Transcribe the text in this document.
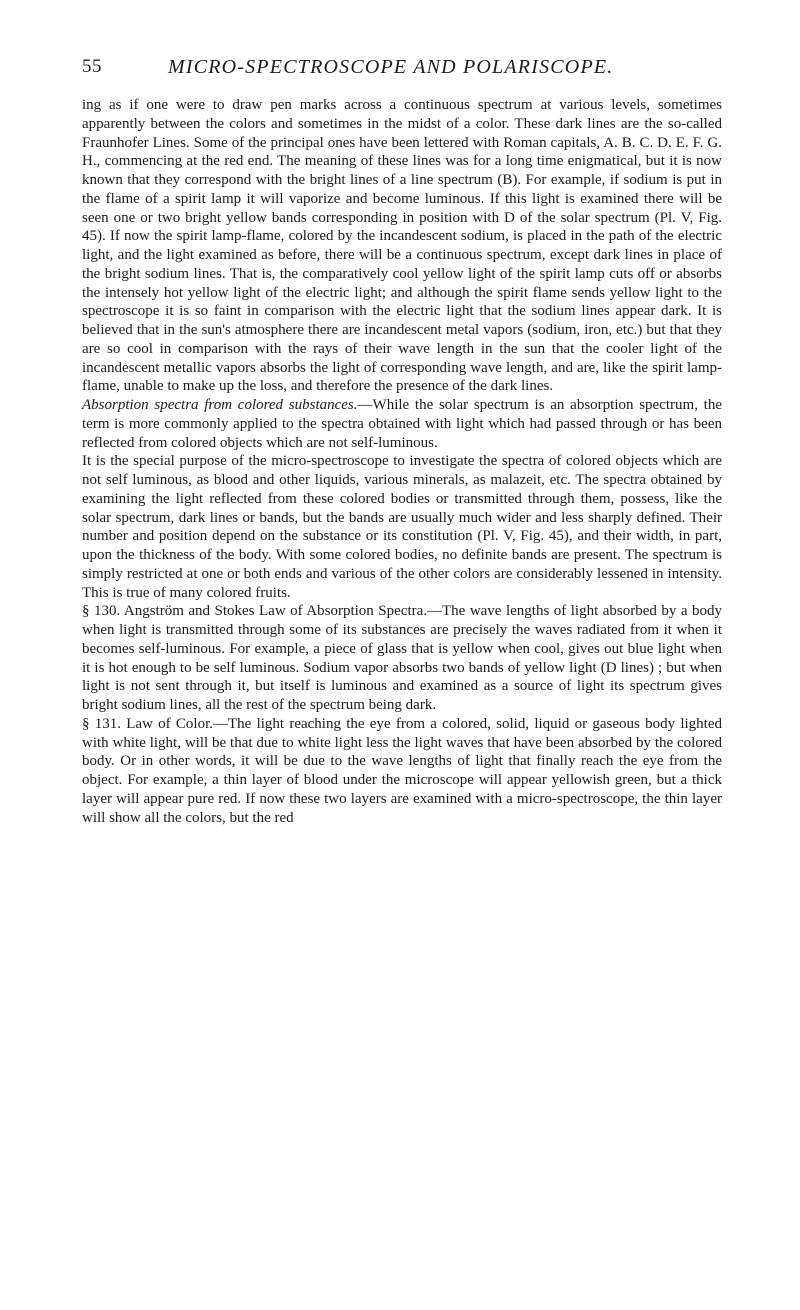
55	MICRO-SPECTROSCOPE AND POLARISCOPE.

ing as if one were to draw pen marks across a continuous spectrum at various levels, sometimes apparently between the colors and sometimes in the midst of a color. These dark lines are the so-called Fraunhofer Lines. Some of the principal ones have been lettered with Roman capitals, A. B. C. D. E. F. G. H., commencing at the red end. The meaning of these lines was for a long time enigmatical, but it is now known that they correspond with the bright lines of a line spectrum (B). For example, if sodium is put in the flame of a spirit lamp it will vaporize and become luminous. If this light is examined there will be seen one or two bright yellow bands corresponding in position with D of the solar spectrum (Pl. V, Fig. 45). If now the spirit lamp-flame, colored by the incandescent sodium, is placed in the path of the electric light, and the light examined as before, there will be a continuous spectrum, except dark lines in place of the bright sodium lines. That is, the comparatively cool yellow light of the spirit lamp cuts off or absorbs the intensely hot yellow light of the electric light; and although the spirit flame sends yellow light to the spectroscope it is so faint in comparison with the electric light that the sodium lines appear dark. It is believed that in the sun's atmosphere there are incandescent metal vapors (sodium, iron, etc.) but that they are so cool in comparison with the rays of their wave length in the sun that the cooler light of the incandescent metallic vapors absorbs the light of corresponding wave length, and are, like the spirit lamp-flame, unable to make up the loss, and therefore the presence of the dark lines.

Absorption spectra from colored substances.—While the solar spectrum is an absorption spectrum, the term is more commonly applied to the spectra obtained with light which had passed through or has been reflected from colored objects which are not self-luminous.

It is the special purpose of the micro-spectroscope to investigate the spectra of colored objects which are not self luminous, as blood and other liquids, various minerals, as malazeit, etc. The spectra obtained by examining the light reflected from these colored bodies or transmitted through them, possess, like the solar spectrum, dark lines or bands, but the bands are usually much wider and less sharply defined. Their number and position depend on the substance or its constitution (Pl. V, Fig. 45), and their width, in part, upon the thickness of the body. With some colored bodies, no definite bands are present. The spectrum is simply restricted at one or both ends and various of the other colors are considerably lessened in intensity. This is true of many colored fruits.

§ 130. Angström and Stokes Law of Absorption Spectra.—The wave lengths of light absorbed by a body when light is transmitted through some of its substances are precisely the waves radiated from it when it becomes self-luminous. For example, a piece of glass that is yellow when cool, gives out blue light when it is hot enough to be self luminous. Sodium vapor absorbs two bands of yellow light (D lines) ; but when light is not sent through it, but itself is luminous and examined as a source of light its spectrum gives bright sodium lines, all the rest of the spectrum being dark.

§ 131. Law of Color.—The light reaching the eye from a colored, solid, liquid or gaseous body lighted with white light, will be that due to white light less the light waves that have been absorbed by the colored body. Or in other words, it will be due to the wave lengths of light that finally reach the eye from the object. For example, a thin layer of blood under the microscope will appear yellowish green, but a thick layer will appear pure red. If now these two layers are examined with a micro-spectroscope, the thin layer will show all the colors, but the red
